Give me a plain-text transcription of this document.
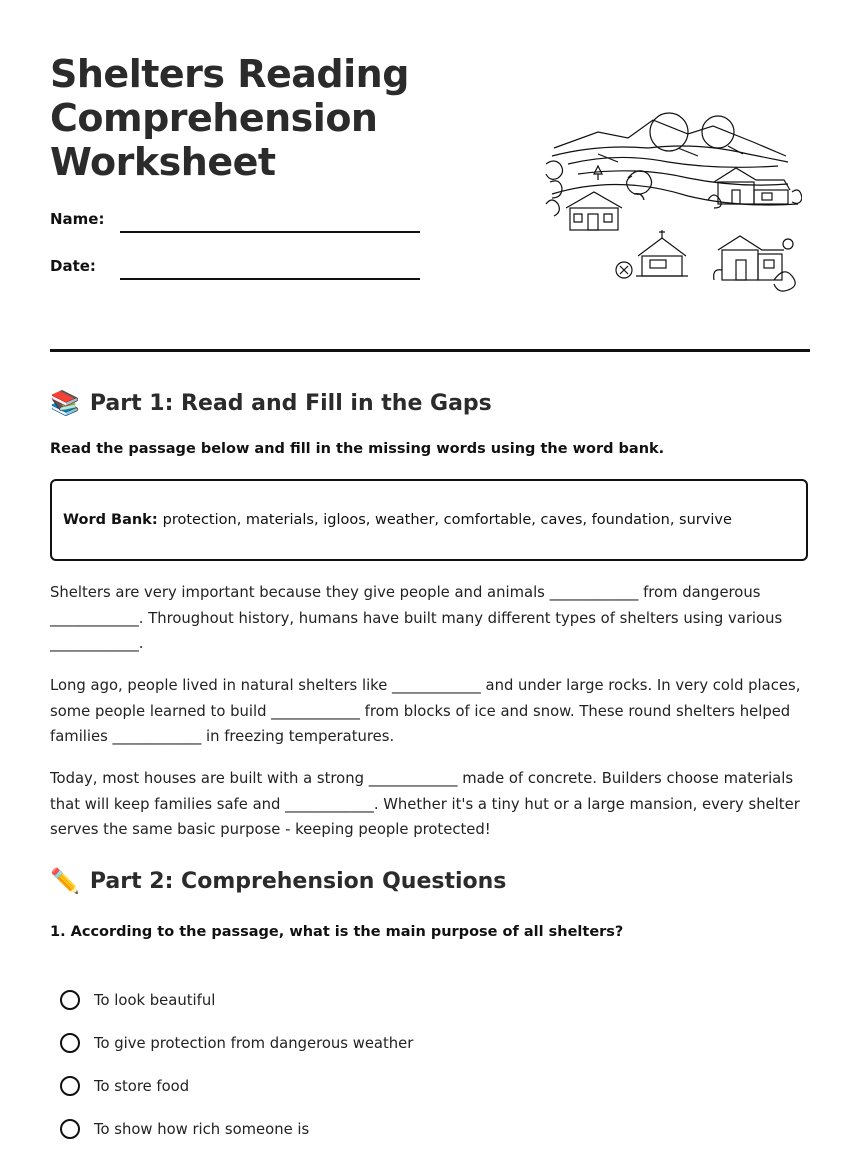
Shelters Reading Comprehension Worksheet
Name:
Date:
📚 Part 1: Read and Fill in the Gaps
Read the passage below and fill in the missing words using the word bank.
Word Bank: protection, materials, igloos, weather, comfortable, caves, foundation, survive

Shelters are very important because they give people and animals ____________ from dangerous ____________. Throughout history, humans have built many different types of shelters using various ____________.

Long ago, people lived in natural shelters like ____________ and under large rocks. In very cold places, some people learned to build ____________ from blocks of ice and snow. These round shelters helped families ____________ in freezing temperatures.

Today, most houses are built with a strong ____________ made of concrete. Builders choose materials that will keep families safe and ____________. Whether it's a tiny hut or a large mansion, every shelter serves the same basic purpose - keeping people protected!

✏️ Part 2: Comprehension Questions
1. According to the passage, what is the main purpose of all shelters?
To look beautiful
To give protection from dangerous weather
To store food
To show how rich someone is
